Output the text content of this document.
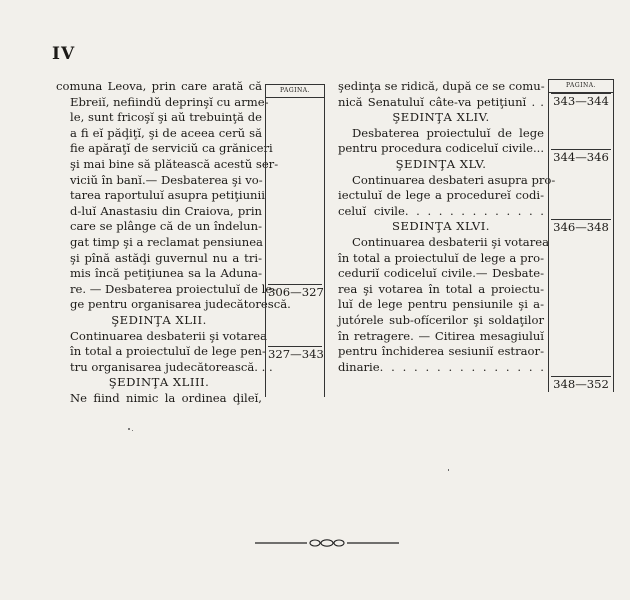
IV
comuna Leova, prin care arată că
Ebreiĭ, nefiindŭ deprinşĭ cu arme-
le, sunt fricoşĭ şi aŭ trebuinţă de
a fi eĭ păḑiţĭ, şi de aceea cerŭ să
fie apăraţĭ de serviciŭ ca grăniceri
şi mai bine să plătească acestŭ ser-
viciŭ în banĭ.— Desbaterea şi vo-
tarea raportuluĭ asupra petiţiunii
d-luĭ Anastasiu din Craiova, prin
care se plânge că de un îndelun-
gat timp şi a reclamat pensiunea
şi pînă astăḑi guvernul nu a tri-
mis încă petiţiunea sa la Aduna-
re. — Desbaterea proiectuluĭ de le-
ge pentru organisarea judecătorescă.
ŞEDINŢA XLII.
Continuarea desbaterii şi votarea
în total a proiectuluĭ de lege pen-
tru organisarea judecătorească. . .
ŞEDINŢA XLIII.
Ne fiind nimic la ordinea ḑileĭ,
PAGINA.
306—327
327—343
şedinţa se ridică, după ce se comu-
nică Senatuluĭ câte-va petiţiunĭ . .
ŞEDINŢA XLIV.
Desbaterea proiectuluĭ de lege
pentru procedura codiceluĭ civile...
ŞEDINŢA XLV.
Continuarea desbateri asupra pro-
iectuluĭ de lege a procedureĭ codi-
celuĭ civile. . . . . . . . . . . . .
SEDINŢA XLVI.
Continuarea desbaterii şi votarea
în total a proiectuluĭ de lege a pro-
ceduriĭ codiceluĭ civile.— Desbate-
rea şi votarea în total a proiectu-
luĭ de lege pentru pensiunile şi a-
jutórele sub-ofícerilor şi soldaţilor
în retragere. — Citirea mesagiuluĭ
pentru închiderea sesiuniĭ estraor-
dinarie. . . . . . . . . . . . . . .
PAGINA.
343—344
344—346
346—348
348—352
